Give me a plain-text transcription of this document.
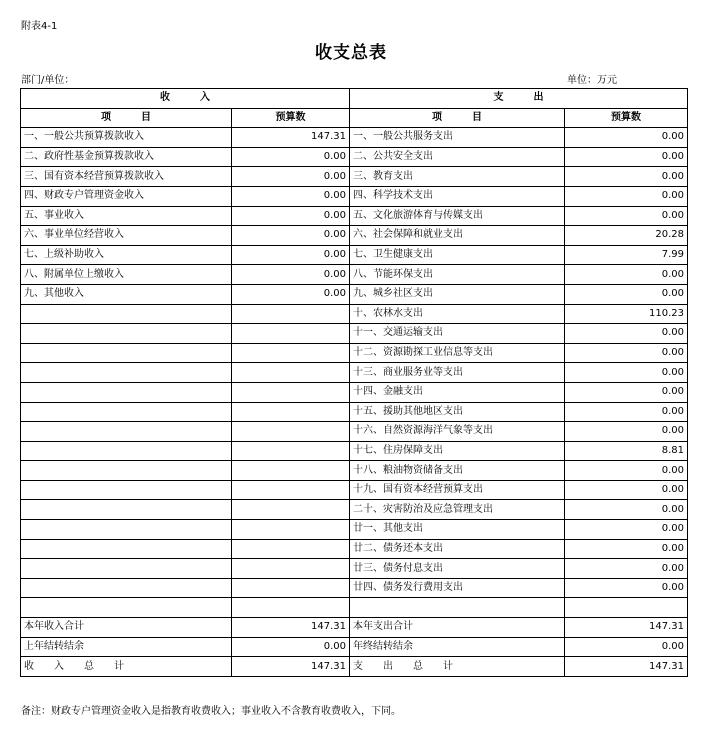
附表4-1
收支总表
部门/单位：	单位：万元
收　　　入		支　　　出	
项　　　目	预算数	项　　　目	预算数
一、一般公共预算拨款收入	147.31	一、一般公共服务支出	0.00
二、政府性基金预算拨款收入	0.00	二、公共安全支出	0.00
三、国有资本经营预算拨款收入	0.00	三、教育支出	0.00
四、财政专户管理资金收入	0.00	四、科学技术支出	0.00
五、事业收入	0.00	五、文化旅游体育与传媒支出	0.00
六、事业单位经营收入	0.00	六、社会保障和就业支出	20.28
七、上级补助收入	0.00	七、卫生健康支出	7.99
八、附属单位上缴收入	0.00	八、节能环保支出	0.00
九、其他收入	0.00	九、城乡社区支出	0.00
		十、农林水支出	110.23
		十一、交通运输支出	0.00
		十二、资源勘探工业信息等支出	0.00
		十三、商业服务业等支出	0.00
		十四、金融支出	0.00
		十五、援助其他地区支出	0.00
		十六、自然资源海洋气象等支出	0.00
		十七、住房保障支出	8.81
		十八、粮油物资储备支出	0.00
		十九、国有资本经营预算支出	0.00
		二十、灾害防治及应急管理支出	0.00
		廿一、其他支出	0.00
		廿二、债务还本支出	0.00
		廿三、债务付息支出	0.00
		廿四、债务发行费用支出	0.00

本年收入合计	147.31	本年支出合计	147.31
上年结转结余	0.00	年终结转结余	0.00
收　　入　　总　　计	147.31	支　　出　　总　　计	147.31
备注：财政专户管理资金收入是指教育收费收入；事业收入不含教育收费收入，下同。
